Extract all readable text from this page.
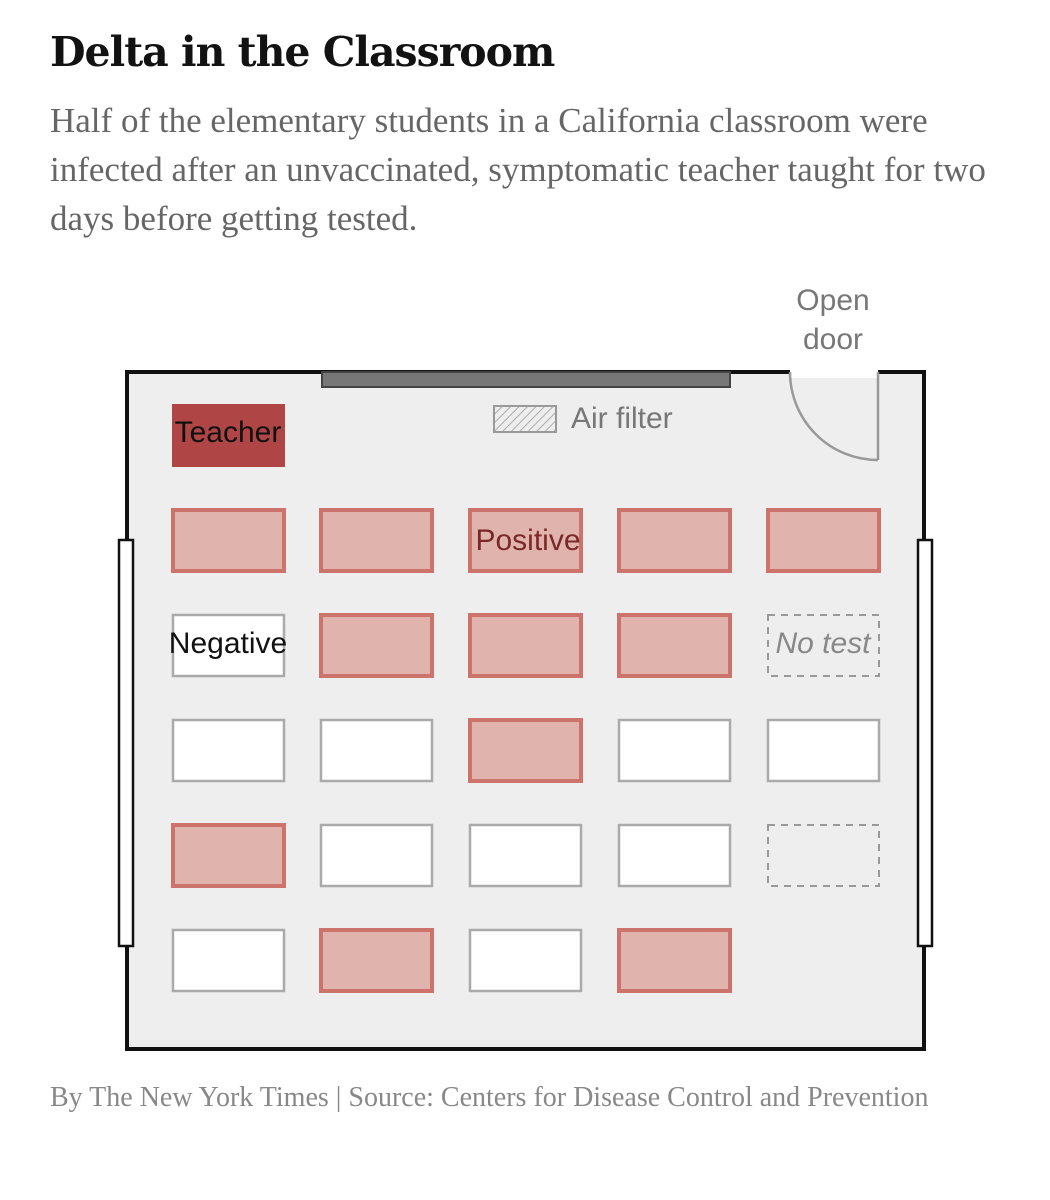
Delta in the Classroom

Half of the elementary students in a California classroom were infected after an unvaccinated, symptomatic teacher taught for two days before getting tested.

Open
door
Air filter
Teacher
Positive
Negative	No test

By The New York Times | Source: Centers for Disease Control and Prevention
